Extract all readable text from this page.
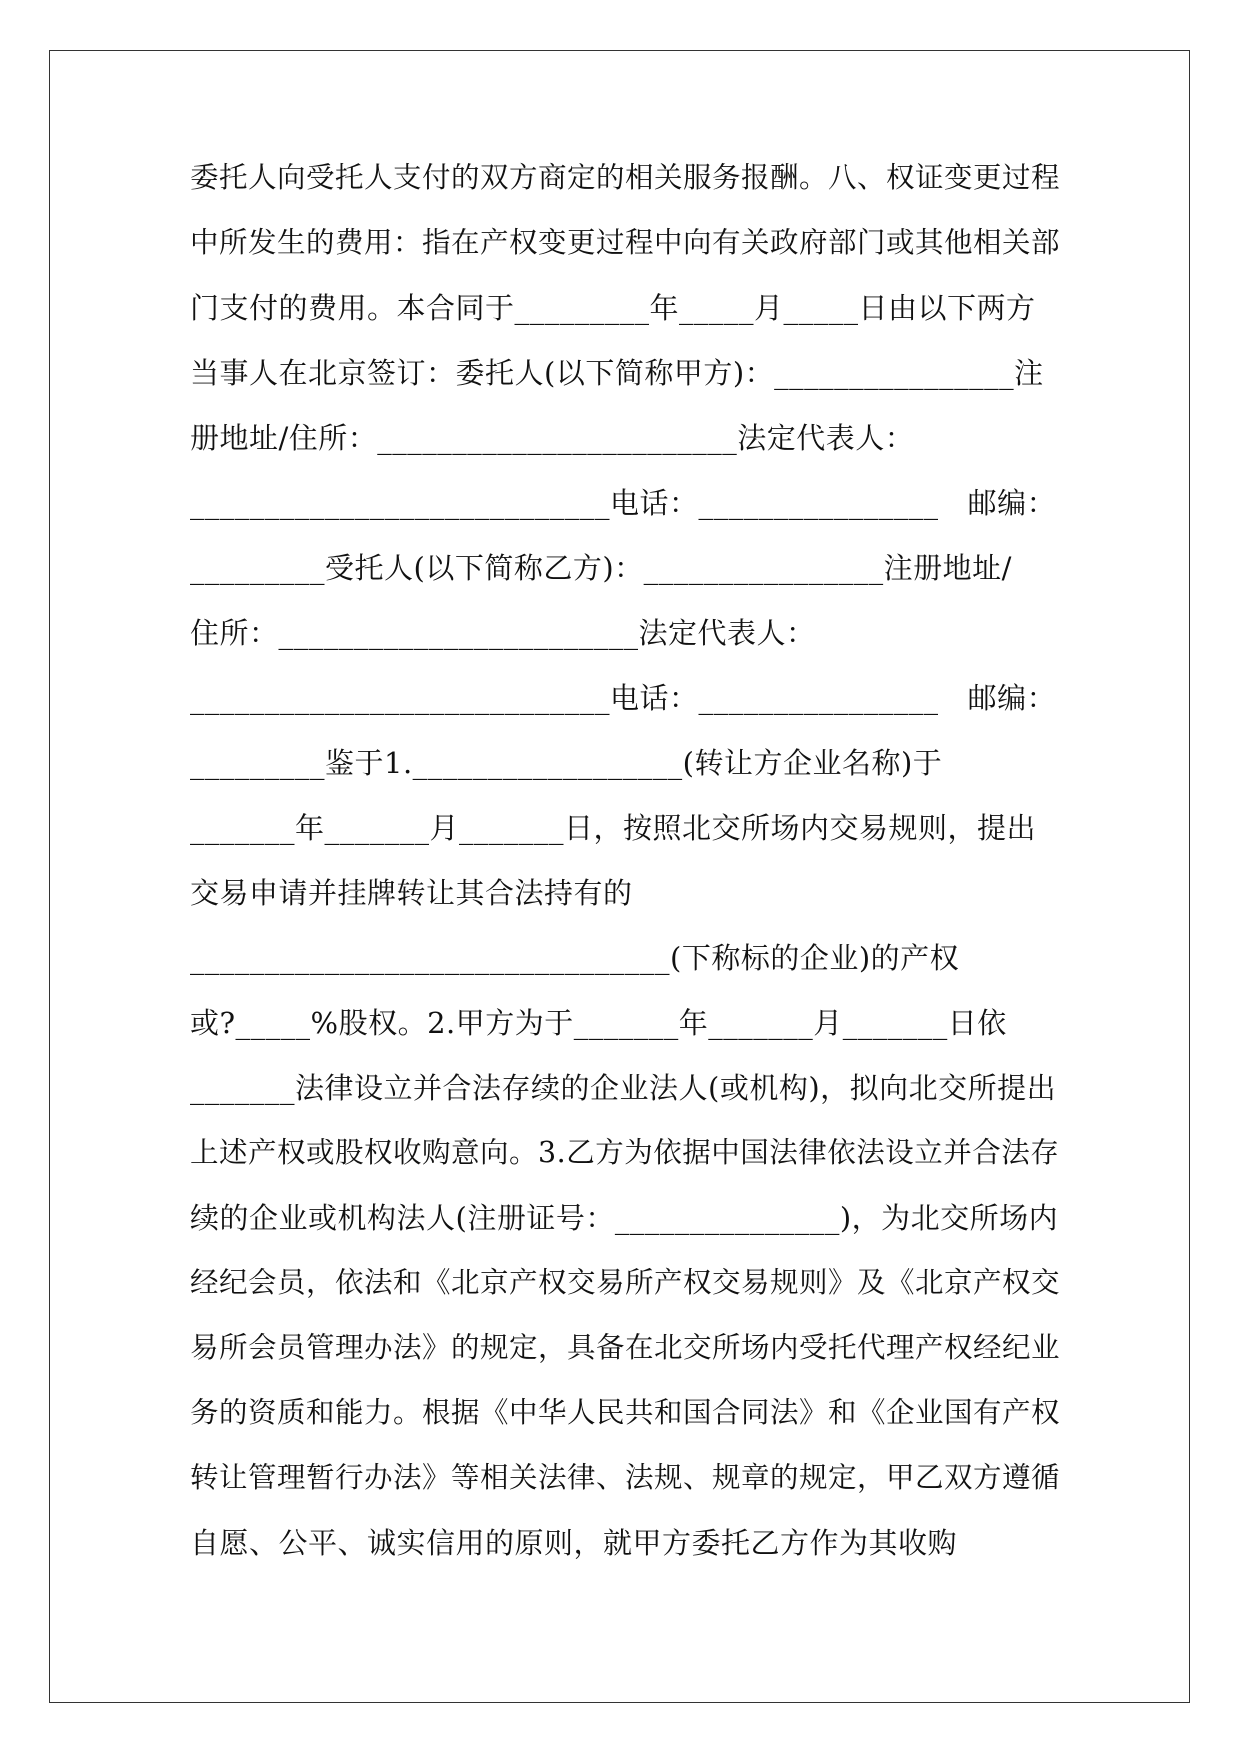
委托人向受托人支付的双方商定的相关服务报酬。八、权证变更过程
中所发生的费用：指在产权变更过程中向有关政府部门或其他相关部
门支付的费用。本合同于_________年_____月_____日由以下两方
当事人在北京签订：委托人(以下简称甲方)：________________注
册地址/住所：________________________法定代表人：
____________________________电话：________________   邮编：
_________受托人(以下简称乙方)：________________注册地址/
住所：________________________法定代表人：
____________________________电话：________________   邮编：
_________鉴于1.__________________(转让方企业名称)于
_______年_______月_______日，按照北交所场内交易规则，提出
交易申请并挂牌转让其合法持有的
________________________________(下称标的企业)的产权
或?_____%股权。2.甲方为于_______年_______月_______日依
_______法律设立并合法存续的企业法人(或机构)，拟向北交所提出
上述产权或股权收购意向。3.乙方为依据中国法律依法设立并合法存
续的企业或机构法人(注册证号：_______________)，为北交所场内
经纪会员，依法和《北京产权交易所产权交易规则》及《北京产权交
易所会员管理办法》的规定，具备在北交所场内受托代理产权经纪业
务的资质和能力。根据《中华人民共和国合同法》和《企业国有产权
转让管理暂行办法》等相关法律、法规、规章的规定，甲乙双方遵循
自愿、公平、诚实信用的原则，就甲方委托乙方作为其收购
